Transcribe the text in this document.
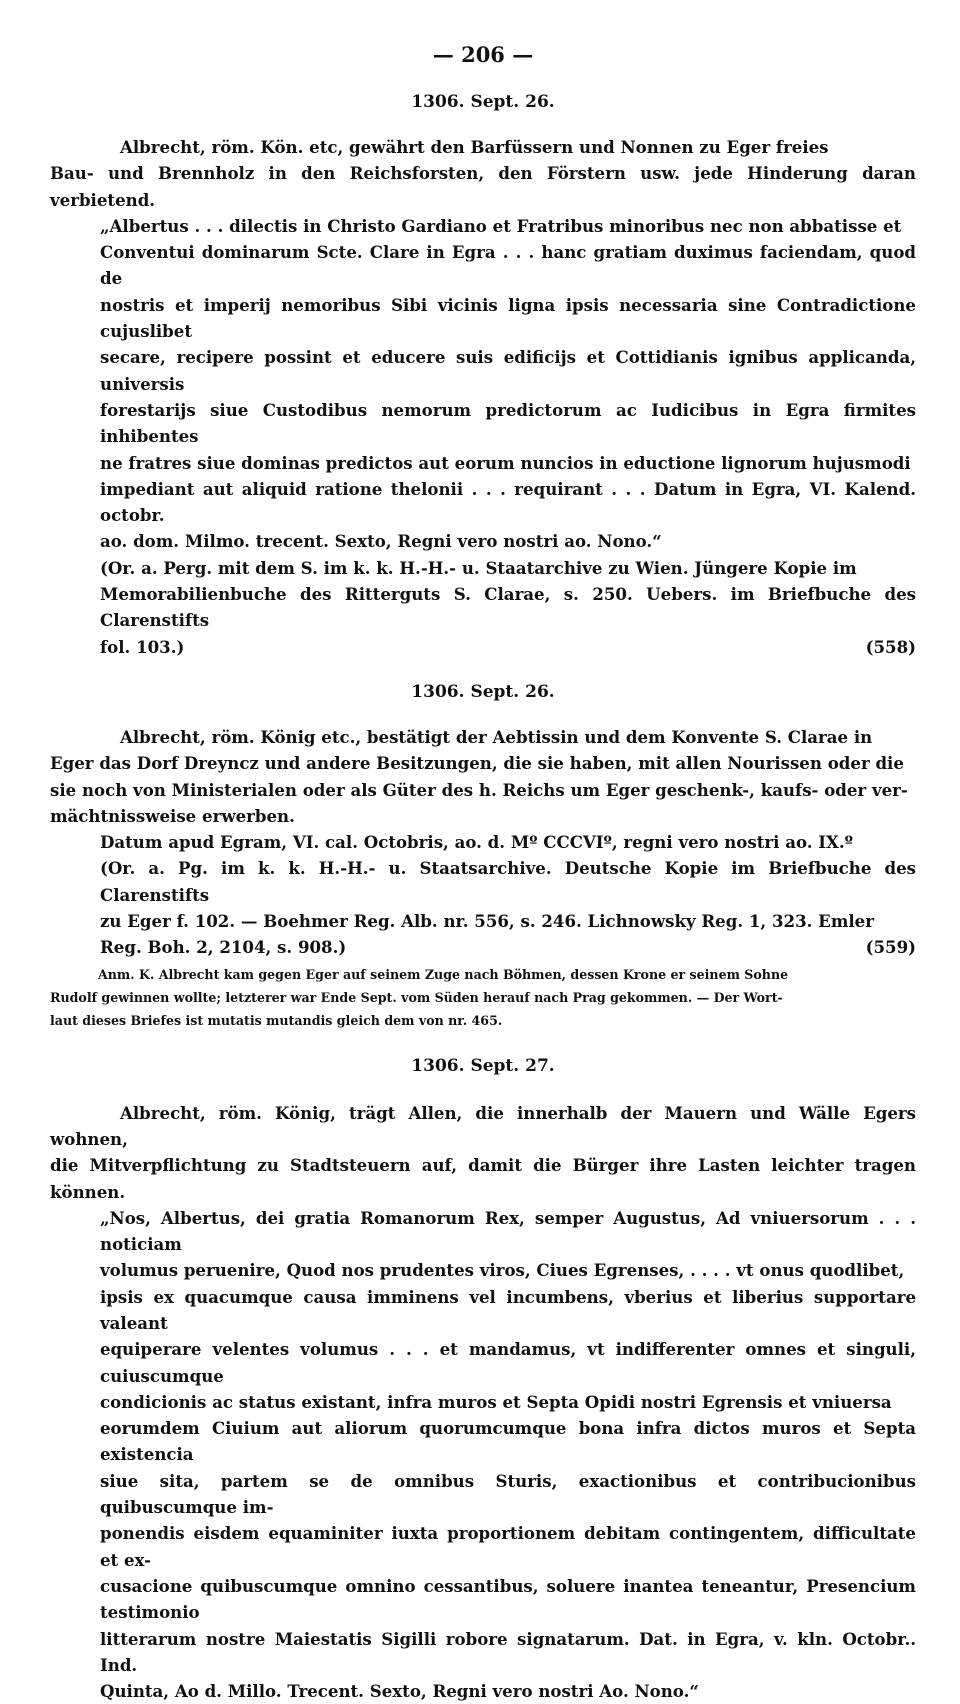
— 206 —
1306. Sept. 26.
Albrecht, röm. Kön. etc, gewährt den Barfüssern und Nonnen zu Eger freies
Bau- und Brennholz in den Reichsforsten, den Förstern usw. jede Hinderung daran verbietend.
„Albertus . . . dilectis in Christo Gardiano et Fratribus minoribus nec non abbatisse et
Conventui dominarum Scte. Clare in Egra . . . hanc gratiam duximus faciendam, quod de
nostris et imperij nemoribus Sibi vicinis ligna ipsis necessaria sine Contradictione cujuslibet
secare, recipere possint et educere suis edificijs et Cottidianis ignibus applicanda, universis
forestarijs siue Custodibus nemorum predictorum ac Iudicibus in Egra firmites inhibentes
ne fratres siue dominas predictos aut eorum nuncios in eductione lignorum hujusmodi
impediant aut aliquid ratione thelonii . . . requirant . . . Datum in Egra, VI. Kalend. octobr.
ao. dom. Milmo. trecent. Sexto, Regni vero nostri ao. Nono.“
(Or. a. Perg. mit dem S. im k. k. H.-H.- u. Staatarchive zu Wien. Jüngere Kopie im
Memorabilienbuche des Ritterguts S. Clarae, s. 250. Uebers. im Briefbuche des Clarenstifts
fol. 103.)	(558)
1306. Sept. 26.
Albrecht, röm. König etc., bestätigt der Aebtissin und dem Konvente S. Clarae in
Eger das Dorf Dreyncz und andere Besitzungen, die sie haben, mit allen Nourissen oder die
sie noch von Ministerialen oder als Güter des h. Reichs um Eger geschenk-, kaufs- oder ver-
mächtnissweise erwerben.
Datum apud Egram, VI. cal. Octobris, ao. d. Mº CCCVIº, regni vero nostri ao. IX.º
(Or. a. Pg. im k. k. H.-H.- u. Staatsarchive. Deutsche Kopie im Briefbuche des Clarenstifts
zu Eger f. 102. — Boehmer Reg. Alb. nr. 556, s. 246. Lichnowsky Reg. 1, 323. Emler
Reg. Boh. 2, 2104, s. 908.)	(559)
Anm. K. Albrecht kam gegen Eger auf seinem Zuge nach Böhmen, dessen Krone er seinem Sohne
Rudolf gewinnen wollte; letzterer war Ende Sept. vom Süden herauf nach Prag gekommen. — Der Wort-
laut dieses Briefes ist mutatis mutandis gleich dem von nr. 465.
1306. Sept. 27.
Albrecht, röm. König, trägt Allen, die innerhalb der Mauern und Wälle Egers wohnen,
die Mitverpflichtung zu Stadtsteuern auf, damit die Bürger ihre Lasten leichter tragen können.
„Nos, Albertus, dei gratia Romanorum Rex, semper Augustus, Ad vniuersorum . . . noticiam
volumus peruenire, Quod nos prudentes viros, Ciues Egrenses, . . . . vt onus quodlibet,
ipsis ex quacumque causa imminens vel incumbens, vberius et liberius supportare valeant
equiperare velentes volumus . . . et mandamus, vt indifferenter omnes et singuli, cuiuscumque
condicionis ac status existant, infra muros et Septa Opidi nostri Egrensis et vniuersa
eorumdem Ciuium aut aliorum quorumcumque bona infra dictos muros et Septa existencia
siue sita, partem se de omnibus Sturis, exactionibus et contribucionibus quibuscumque im-
ponendis eisdem equaminiter iuxta proportionem debitam contingentem, difficultate et ex-
cusacione quibuscumque omnino cessantibus, soluere inantea teneantur, Presencium testimonio
litterarum nostre Maiestatis Sigilli robore signatarum. Dat. in Egra, v. kln. Octobr.. Ind.
Quinta, Ao d. Millo. Trecent. Sexto, Regni vero nostri Ao. Nono.“
